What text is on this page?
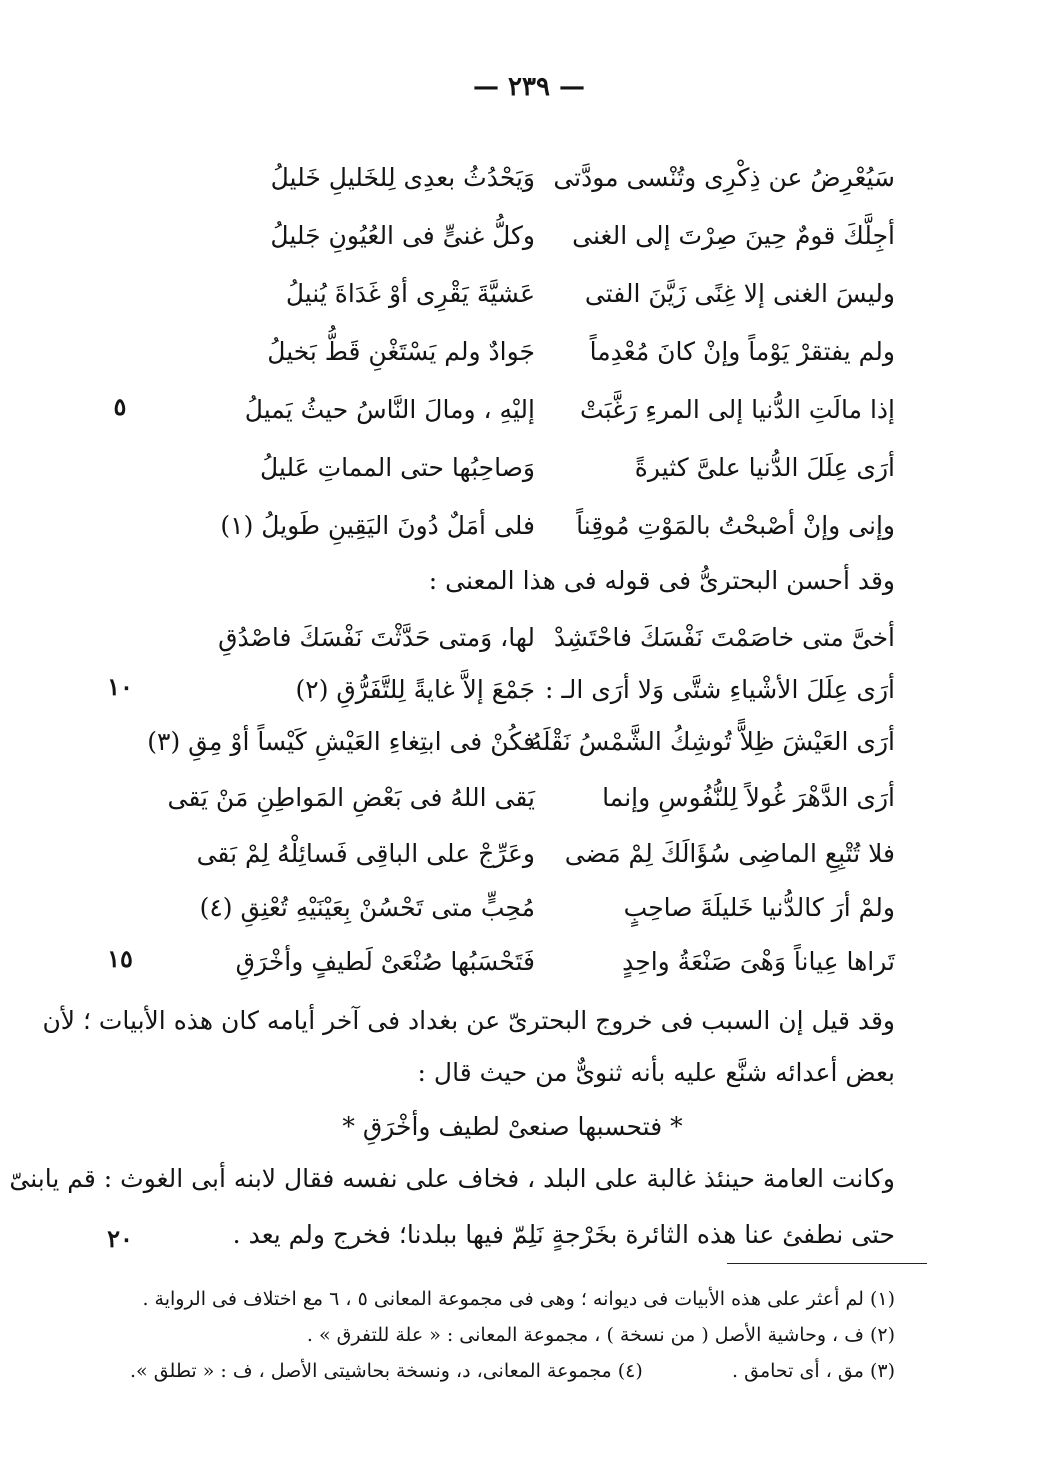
— ٢٣٩ —
سَيُعْرِضُ عن ذِكْرِى وتُنْسى مودَّتى
وَيَحْدُثُ بعدِى لِلخَليلِ خَليلُ
أجِلَّكَ قومٌ حِينَ صِرْتَ إلى الغنى
وكلُّ غنىٍّ فى العُيُونِ جَليلُ
وليسَ الغنى إلا غِنًى زَيَّنَ الفتى
عَشيَّةَ يَقْرِى أوْ غَدَاةَ يُنيلُ
ولم يفتقرْ يَوْماً وإنْ كانَ مُعْدِماً
جَوادٌ ولم يَسْتَغْنِ قَطُّ بَخيلُ
إذا مالَتِ الدُّنيا إلى المرءِ رَغَّبَتْ
إليْهِ ، ومالَ النَّاسُ حيثُ يَميلُ
٥
أرَى عِلَلَ الدُّنيا علىَّ كثيرةً
وَصاحِبُها حتى المماتِ عَليلُ
وإنى وإنْ أصْبحْتُ بالمَوْتِ مُوقِناً
فلى أمَلٌ دُونَ اليَقِينِ طَويلُ (١)
وقد أحسن البحترىُّ فى قوله فى هذا المعنى :
أخىَّ متى خاصَمْتَ نَفْسَكَ فاحْتَشِدْ
لها، وَمتى حَدَّثْتَ نَفْسَكَ فاصْدُقِ
أرَى عِلَلَ الأشْياءِ شتَّى وَلا أرَى الـ :
جَمْعَ إلاَّ غايةً لِلتَّفَرُّقِ (٢)
١٠
أرَى العَيْشَ ظِلاًّ تُوشِكُ الشَّمْسُ نَقْلَهُ
فكُنْ فى ابتِغاءِ العَيْشِ كَيْساً أوْ مِقِ (٣)
أرَى الدَّهْرَ غُولاً لِلنُّفُوسِ وإنما
يَقى اللهُ فى بَعْضِ المَواطِنِ مَنْ يَقى
فلا تُتْبِعِ الماضِى سُؤَالَكَ لِمْ مَضى
وعَرِّجْ على الباقِى فَسائِلْهُ لِمْ بَقى
ولمْ أرَ كالدُّنيا خَليلَةَ صاحِبٍ
مُحِبٍّ متى تَحْسُنْ بِعَيْنَيْهِ تُعْنِقِ (٤)
تَراها عِياناً وَهْىَ صَنْعَةُ واحِدٍ
فَتَحْسَبُها صُنْعَىْ لَطيفٍ وأخْرَقِ
١٥
وقد قيل إن السبب فى خروج البحترىّ عن بغداد فى آخر أيامه كان هذه الأبيات ؛ لأن
بعض أعدائه شنَّع عليه بأنه ثنوىٌّ من حيث قال :
* فتحسبها صنعىْ لطيف وأخْرَقِ *
وكانت العامة حينئذ غالبة على البلد ، فخاف على نفسه فقال لابنه أبى الغوث : قم يابنىّ
حتى نطفئ عنا هذه الثائرة بخَرْجةٍ نَلِمّ فيها ببلدنا؛ فخرج ولم يعد .
٢٠
(١) لم أعثر على هذه الأبيات فى ديوانه ؛ وهى فى مجموعة المعانى ٥ ، ٦ مع اختلاف فى الرواية .
(٢) ف ، وحاشية الأصل ( من نسخة ) ، مجموعة المعانى : « علة للتفرق » .
(٣) مق ، أى تحامق .
(٤) مجموعة المعانى، د، ونسخة بحاشيتى الأصل ، ف : « تطلق ».
